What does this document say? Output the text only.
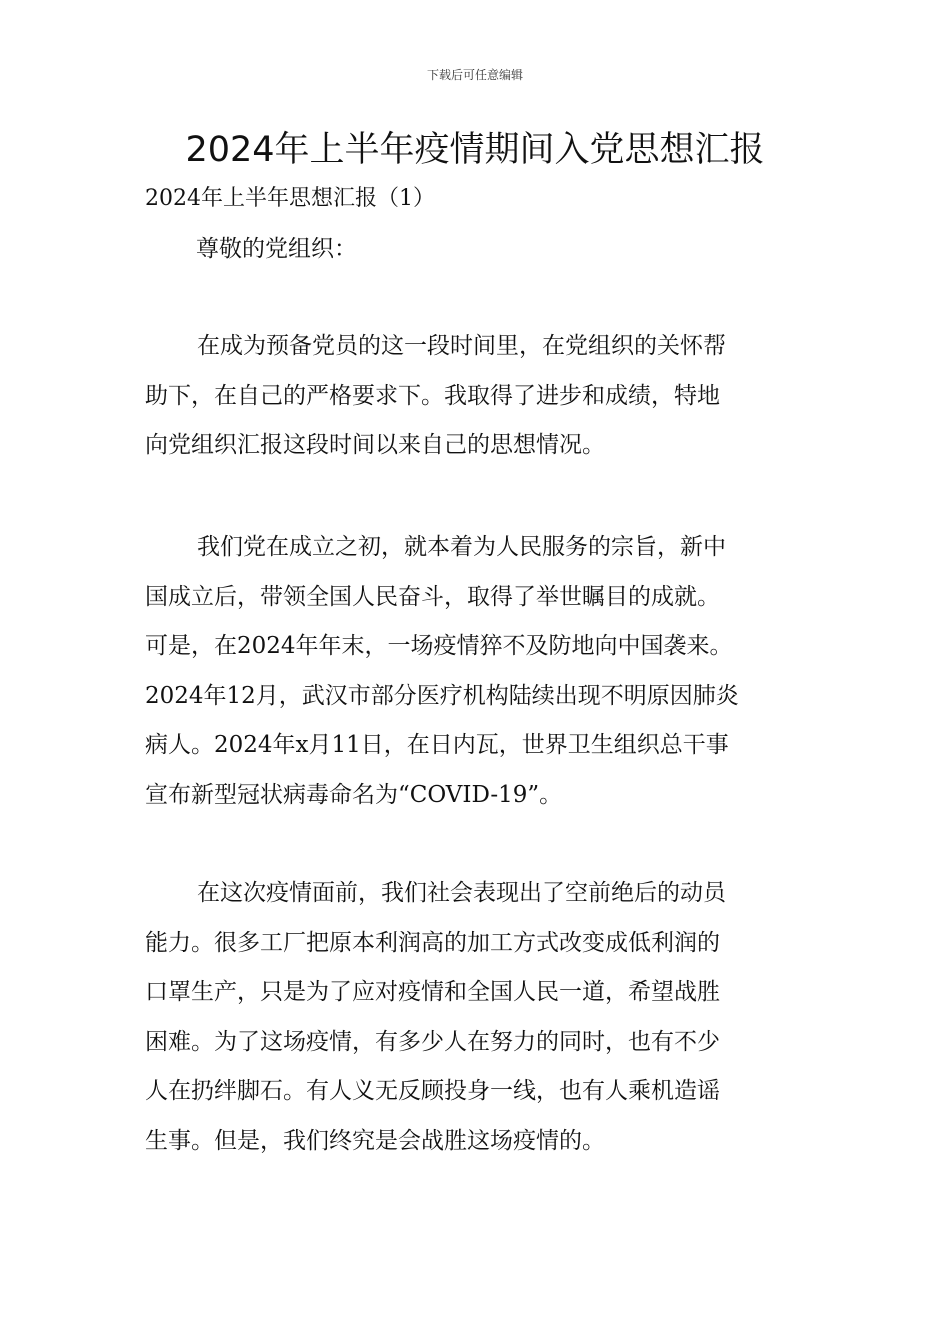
下载后可任意编辑
2024年上半年疫情期间入党思想汇报
2024年上半年思想汇报（1）
尊敬的党组织：
在成为预备党员的这一段时间里，在党组织的关怀帮
助下，在自己的严格要求下。我取得了进步和成绩，特地
向党组织汇报这段时间以来自己的思想情况。
我们党在成立之初，就本着为人民服务的宗旨，新中
国成立后，带领全国人民奋斗，取得了举世瞩目的成就。
可是，在2024年年末，一场疫情猝不及防地向中国袭来。
2024年12月，武汉市部分医疗机构陆续出现不明原因肺炎
病人。2024年x月11日，在日内瓦，世界卫生组织总干事
宣布新型冠状病毒命名为“COVID-19”。
在这次疫情面前，我们社会表现出了空前绝后的动员
能力。很多工厂把原本利润高的加工方式改变成低利润的
口罩生产，只是为了应对疫情和全国人民一道，希望战胜
困难。为了这场疫情，有多少人在努力的同时，也有不少
人在扔绊脚石。有人义无反顾投身一线，也有人乘机造谣
生事。但是，我们终究是会战胜这场疫情的。
